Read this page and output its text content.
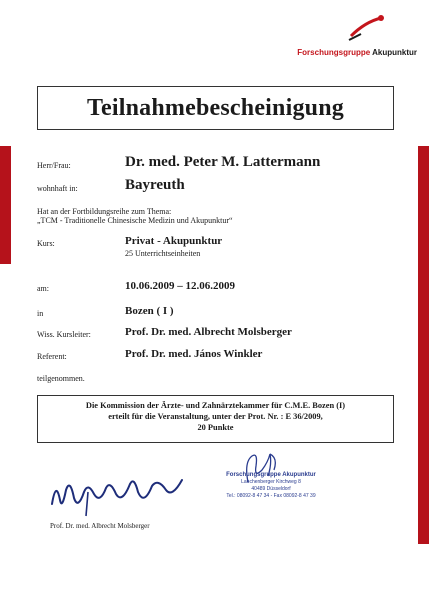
Forschungsgruppe Akupunktur
Teilnahmebescheinigung
Herr/Frau:	Dr. med. Peter M. Lattermann
wohnhaft in:	Bayreuth
Hat an der Fortbildungsreihe zum Thema:
„TCM - Traditionelle Chinesische Medizin und Akupunktur“
Kurs:	Privat - Akupunktur
25 Unterrichtseinheiten
am:	10.06.2009 – 12.06.2009
in	Bozen ( I )
Wiss. Kursleiter:	Prof. Dr. med. Albrecht Molsberger
Referent:	Prof. Dr. med. János Winkler
teilgenommen.
Die Kommission der Ärzte- und Zahnärztekammer für C.M.E. Bozen (I)
erteilt für die Veranstaltung, unter der Prot. Nr. : E 36/2009,
20 Punkte
Prof. Dr. med. Albrecht Molsberger
Forschungsgruppe Akupunktur
Lauchenberger Kirchweg 8
40489 Düsseldorf
Tel.: 08092-8 47 34 - Fax 08092-8 47 39
